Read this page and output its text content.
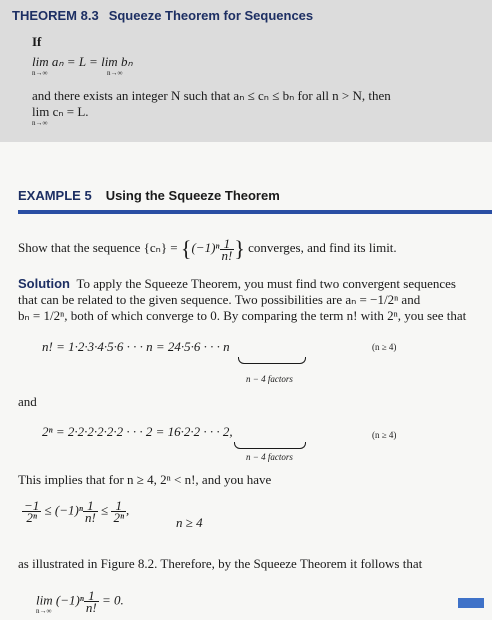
THEOREM 8.3 Squeeze Theorem for Sequences
If
lim aₙ = L = lim bₙ
n→∞	n→∞
and there exists an integer N such that aₙ ≤ cₙ ≤ bₙ for all n > N, then
lim cₙ = L.
n→∞
EXAMPLE 5 Using the Squeeze Theorem
Show that the sequence $\{c_n\} = \{(-1)^n \frac{1}{n!}$ } converges, and find its limit.
Solution To apply the Squeeze Theorem, you must find two convergent sequences
that can be related to the given sequence. Two possibilities are aₙ = −1/2ⁿ and
bₙ = 1/2ⁿ, both of which converge to 0. By comparing the term n! with 2ⁿ, you see that
n! = 1·2·3·4·5·6 · · · n = 24·5·6 · · · n
n − 4 factors
(n ≥ 4)
and
2ⁿ = 2·2·2·2·2·2 · · · 2 = 16·2·2 · · · 2,
n − 4 factors
(n ≥ 4)
This implies that for n ≥ 4, 2ⁿ < n!, and you have
$\frac{-1}{\text{2ⁿ}} \le (-1)^n \frac{1}{n!} \le \frac{1}{\text{2ⁿ}}$ ,
n ≥ 4
as illustrated in Figure 8.2. Therefore, by the Squeeze Theorem it follows that
$\lim (-1)^n \frac{1}{n!} = 0$.
n→∞
